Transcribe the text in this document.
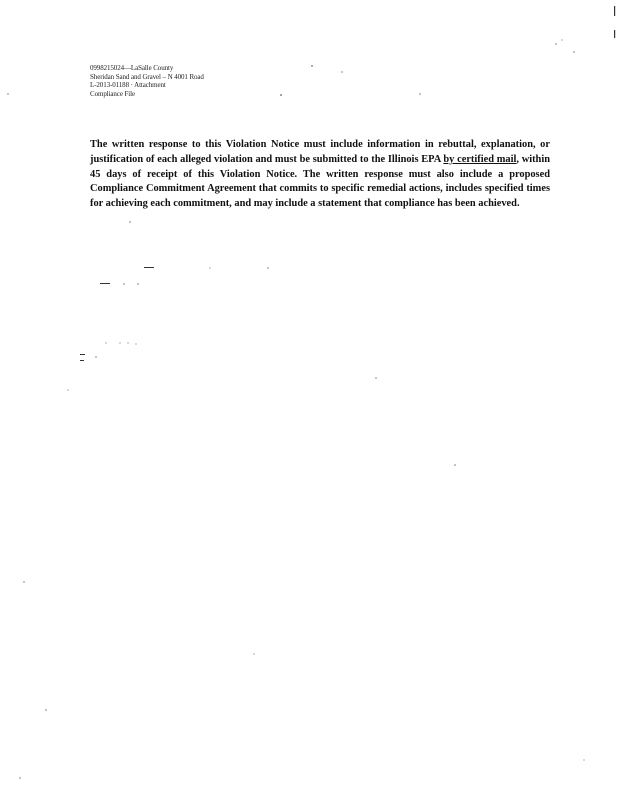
0998215024—LaSalle County
Sheridan Sand and Gravel – N 4001 Road
L-2013-01188 · Attachment
Compliance File

The written response to this Violation Notice must include information in rebuttal, explanation, or justification of each alleged violation and must be submitted to the Illinois EPA by certified mail, within 45 days of receipt of this Violation Notice. The written response must also include a proposed Compliance Commitment Agreement that commits to specific remedial actions, includes specified times for achieving each commitment, and may include a statement that compliance has been achieved.
